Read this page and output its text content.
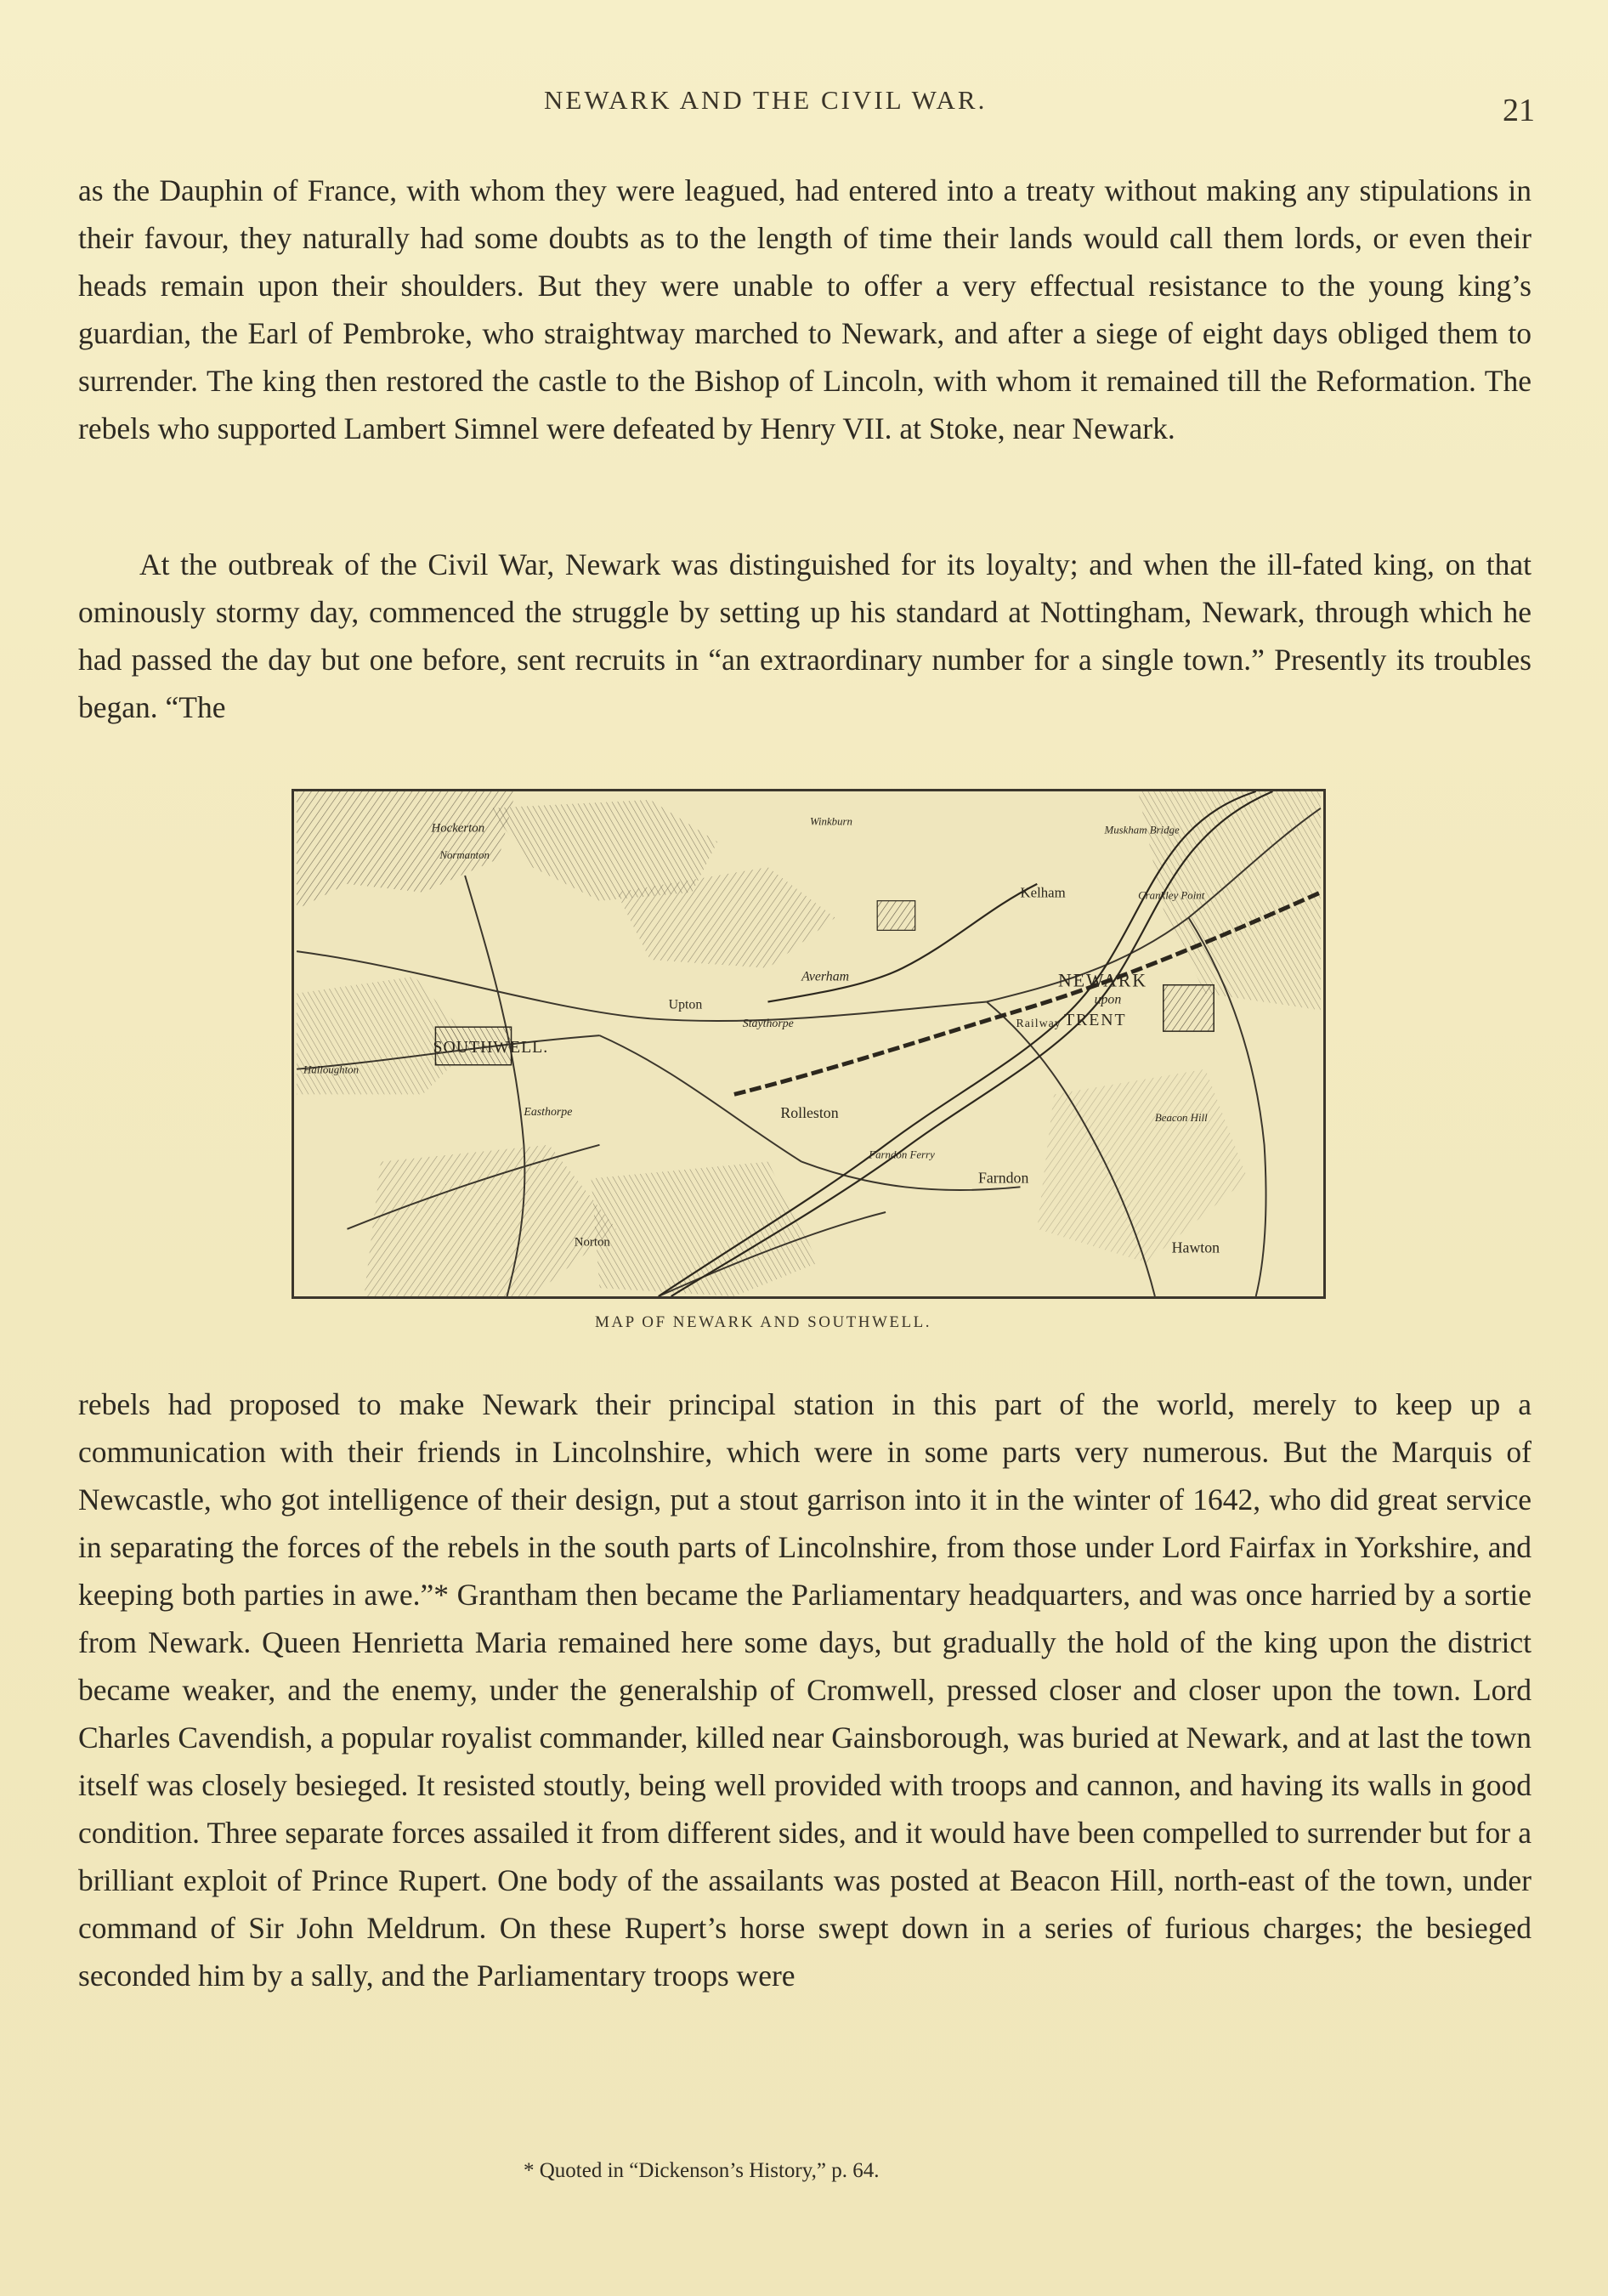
NEWARK AND THE CIVIL WAR.	21

as the Dauphin of France, with whom they were leagued, had entered into a treaty without making any stipulations in their favour, they naturally had some doubts as to the length of time their lands would call them lords, or even their heads remain upon their shoulders. But they were unable to offer a very effectual resistance to the young king’s guardian, the Earl of Pembroke, who straightway marched to Newark, and after a siege of eight days obliged them to surrender. The king then restored the castle to the Bishop of Lincoln, with whom it remained till the Reformation. The rebels who supported Lambert Simnel were defeated by Henry VII. at Stoke, near Newark.

At the outbreak of the Civil War, Newark was distinguished for its loyalty; and when the ill-fated king, on that ominously stormy day, commenced the struggle by setting up his standard at Nottingham, Newark, through which he had passed the day but one before, sent recruits in “an extraordinary number for a single town.” Presently its troubles began. “The

NEWARK
upon
TRENT
Kelham
Rolleston
SOUTHWELL.
Farndon
Hawton
Averham
Upton
Railway
Farndon Ferry
Muskham Bridge
Crankley Point
Beacon Hill
Norton
Staythorpe
Easthorpe
Halloughton
Normanton
Hockerton	Winkburn
MAP OF NEWARK AND SOUTHWELL.

rebels had proposed to make Newark their principal station in this part of the world, merely to keep up a communication with their friends in Lincolnshire, which were in some parts very numerous. But the Marquis of Newcastle, who got intelligence of their design, put a stout garrison into it in the winter of 1642, who did great service in separating the forces of the rebels in the south parts of Lincolnshire, from those under Lord Fairfax in Yorkshire, and keeping both parties in awe.”* Grantham then became the Parliamentary headquarters, and was once harried by a sortie from Newark. Queen Henrietta Maria remained here some days, but gradually the hold of the king upon the district became weaker, and the enemy, under the generalship of Cromwell, pressed closer and closer upon the town. Lord Charles Cavendish, a popular royalist commander, killed near Gainsborough, was buried at Newark, and at last the town itself was closely besieged. It resisted stoutly, being well provided with troops and cannon, and having its walls in good condition. Three separate forces assailed it from different sides, and it would have been compelled to surrender but for a brilliant exploit of Prince Rupert. One body of the assailants was posted at Beacon Hill, north-east of the town, under command of Sir John Meldrum. On these Rupert’s horse swept down in a series of furious charges; the besieged seconded him by a sally, and the Parliamentary troops were

* Quoted in “Dickenson’s History,” p. 64.
